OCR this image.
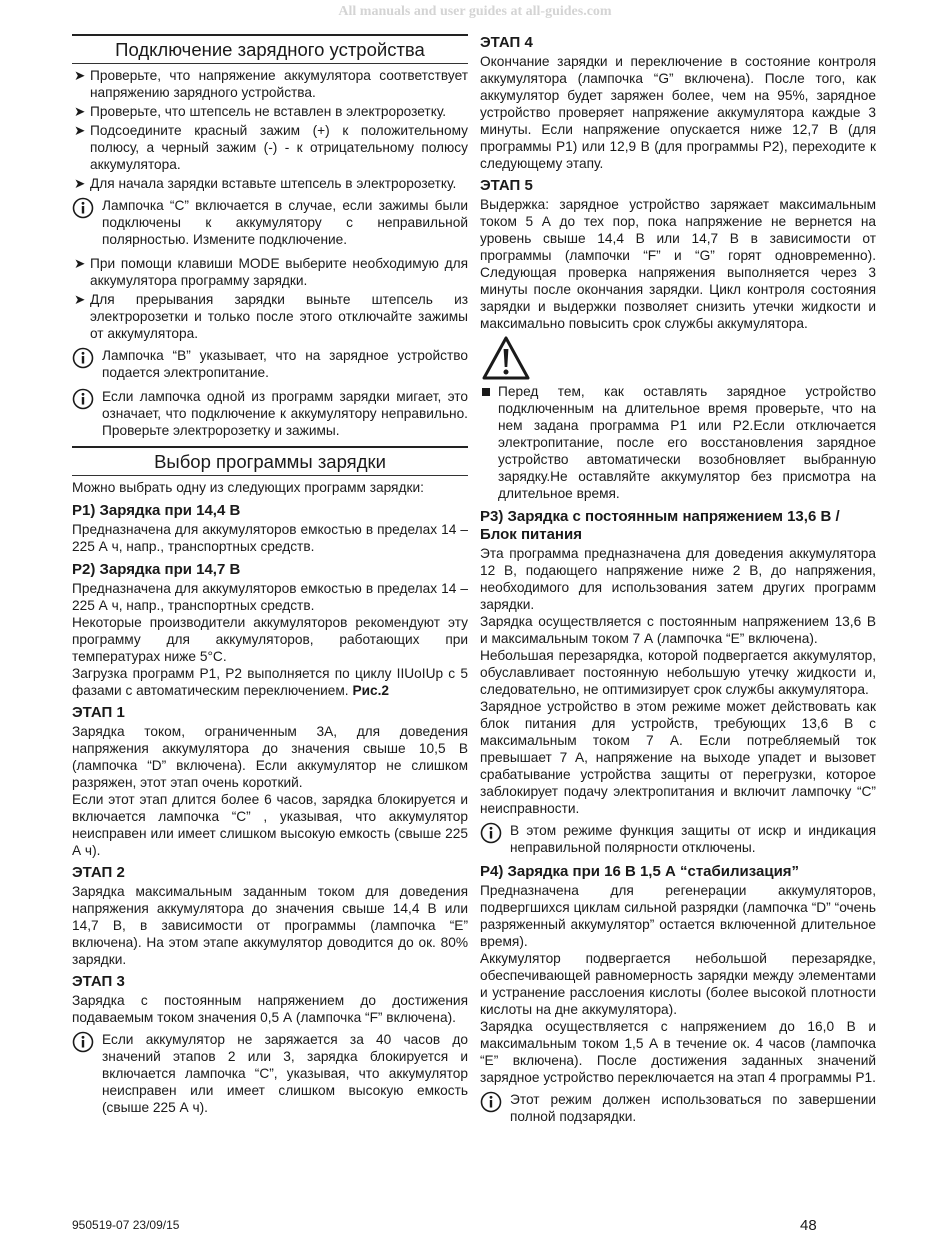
All manuals and user guides at all-guides.com
Подключение зарядного устройства
➤ Проверьте, что напряжение аккумулятора соответствует напряжению зарядного устройства.
➤ Проверьте, что штепсель не вставлен в электророзетку.
➤ Подсоедините красный зажим (+) к положительному полюсу, а черный зажим (-) - к отрицательному полюсу аккумулятора.
➤ Для начала зарядки вставьте штепсель в электророзетку.
Лампочка “C” включается в случае, если зажимы были подключены к аккумулятору с неправильной полярностью. Измените подключение.
➤ При помощи клавиши MODE выберите необходимую для аккумулятора программу зарядки.
➤ Для прерывания зарядки выньте штепсель из электророзетки и только после этого отключайте зажимы от аккумулятора.
Лампочка “B” указывает, что на зарядное устройство подается электропитание.
Если лампочка одной из программ зарядки мигает, это означает, что подключение к аккумулятору неправильно. Проверьте электророзетку и зажимы.
Выбор программы зарядки

Можно выбрать одну из следующих программ зарядки:

P1) Зарядка при 14,4 В

Предназначена для аккумуляторов емкостью в пределах 14 – 225 А ч, напр., транспортных средств.

P2) Зарядка при 14,7 В

Предназначена для аккумуляторов емкостью в пределах 14 – 225 А ч, напр., транспортных средств.

Некоторые производители аккумуляторов рекомендуют эту программу для аккумуляторов, работающих при температурах ниже 5°C.

Загрузка программ P1, P2 выполняется по циклу IIUoIUp с 5 фазами с автоматическим переключением. Рис.2

ЭТАП 1

Зарядка током, ограниченным 3A, для доведения напряжения аккумулятора до значения свыше 10,5 В (лампочка “D” включена). Если аккумулятор не слишком разряжен, этот этап очень короткий.

Если этот этап длится более 6 часов, зарядка блокируется и включается лампочка “C” , указывая, что аккумулятор неисправен или имеет слишком высокую емкость (свыше 225 А ч).

ЭТАП 2

Зарядка максимальным заданным током для доведения напряжения аккумулятора до значения свыше 14,4 В или 14,7 В, в зависимости от программы (лампочка “E” включена). На этом этапе аккумулятор доводится до ок. 80% зарядки.

ЭТАП 3

Зарядка с постоянным напряжением до достижения подаваемым током значения 0,5 А (лампочка “F” включена).

Если аккумулятор не заряжается за 40 часов до значений этапов 2 или 3, зарядка блокируется и включается лампочка “C”, указывая, что аккумулятор неисправен или имеет слишком высокую емкость (свыше 225 А ч).
ЭТАП 4

Окончание зарядки и переключение в состояние контроля аккумулятора (лампочка “G” включена). После того, как аккумулятор будет заряжен более, чем на 95%, зарядное устройство проверяет напряжение аккумулятора каждые 3 минуты. Если напряжение опускается ниже 12,7 В (для программы P1) или 12,9 В (для программы P2), переходите к следующему этапу.

ЭТАП 5

Выдержка: зарядное устройство заряжает максимальным током 5 А до тех пор, пока напряжение не вернется на уровень свыше 14,4 В или 14,7 В в зависимости от программы (лампочки “F” и “G” горят одновременно). Следующая проверка напряжения выполняется через 3 минуты после окончания зарядки. Цикл контроля состояния зарядки и выдержки позволяет снизить утечки жидкости и максимально повысить срок службы аккумулятора.

Перед тем, как оставлять зарядное устройство подключенным на длительное время проверьте, что на нем задана программа P1 или P2.Если отключается электропитание, после его восстановления зарядное устройство автоматически возобновляет выбранную зарядку.Не оставляйте аккумулятор без присмотра на длительное время.
P3) Зарядка с постоянным напряжением 13,6 В / Блок питания

Эта программа предназначена для доведения аккумулятора 12 В, подающего напряжение ниже 2 В, до напряжения, необходимого для использования затем других программ зарядки.

Зарядка осуществляется с постоянным напряжением 13,6 В и максимальным током 7 А (лампочка “E” включена).

Небольшая перезарядка, которой подвергается аккумулятор, обуславливает постоянную небольшую утечку жидкости и, следовательно, не оптимизирует срок службы аккумулятора.

Зарядное устройство в этом режиме может действовать как блок питания для устройств, требующих 13,6 В с максимальным током 7 А. Если потребляемый ток превышает 7 А, напряжение на выходе упадет и вызовет срабатывание устройства защиты от перегрузки, которое заблокирует подачу электропитания и включит лампочку “C” неисправности.

В этом режиме функция защиты от искр и индикация неправильной полярности отключены.
P4) Зарядка при 16 В 1,5 А “стабилизация”

Предназначена для регенерации аккумуляторов, подвергшихся циклам сильной разрядки (лампочка “D” “очень разряженный аккумулятор” остается включенной длительное время).

Аккумулятор подвергается небольшой перезарядке, обеспечивающей равномерность зарядки между элементами и устранение расслоения кислоты (более высокой плотности кислоты на дне аккумулятора).

Зарядка осуществляется с напряжением до 16,0 В и максимальным током 1,5 А в течение ок. 4 часов (лампочка “E” включена). После достижения заданных значений зарядное устройство переключается на этап 4 программы P1.

Этот режим должен использоваться по завершении полной подзарядки.
950519-07 23/09/15	48
